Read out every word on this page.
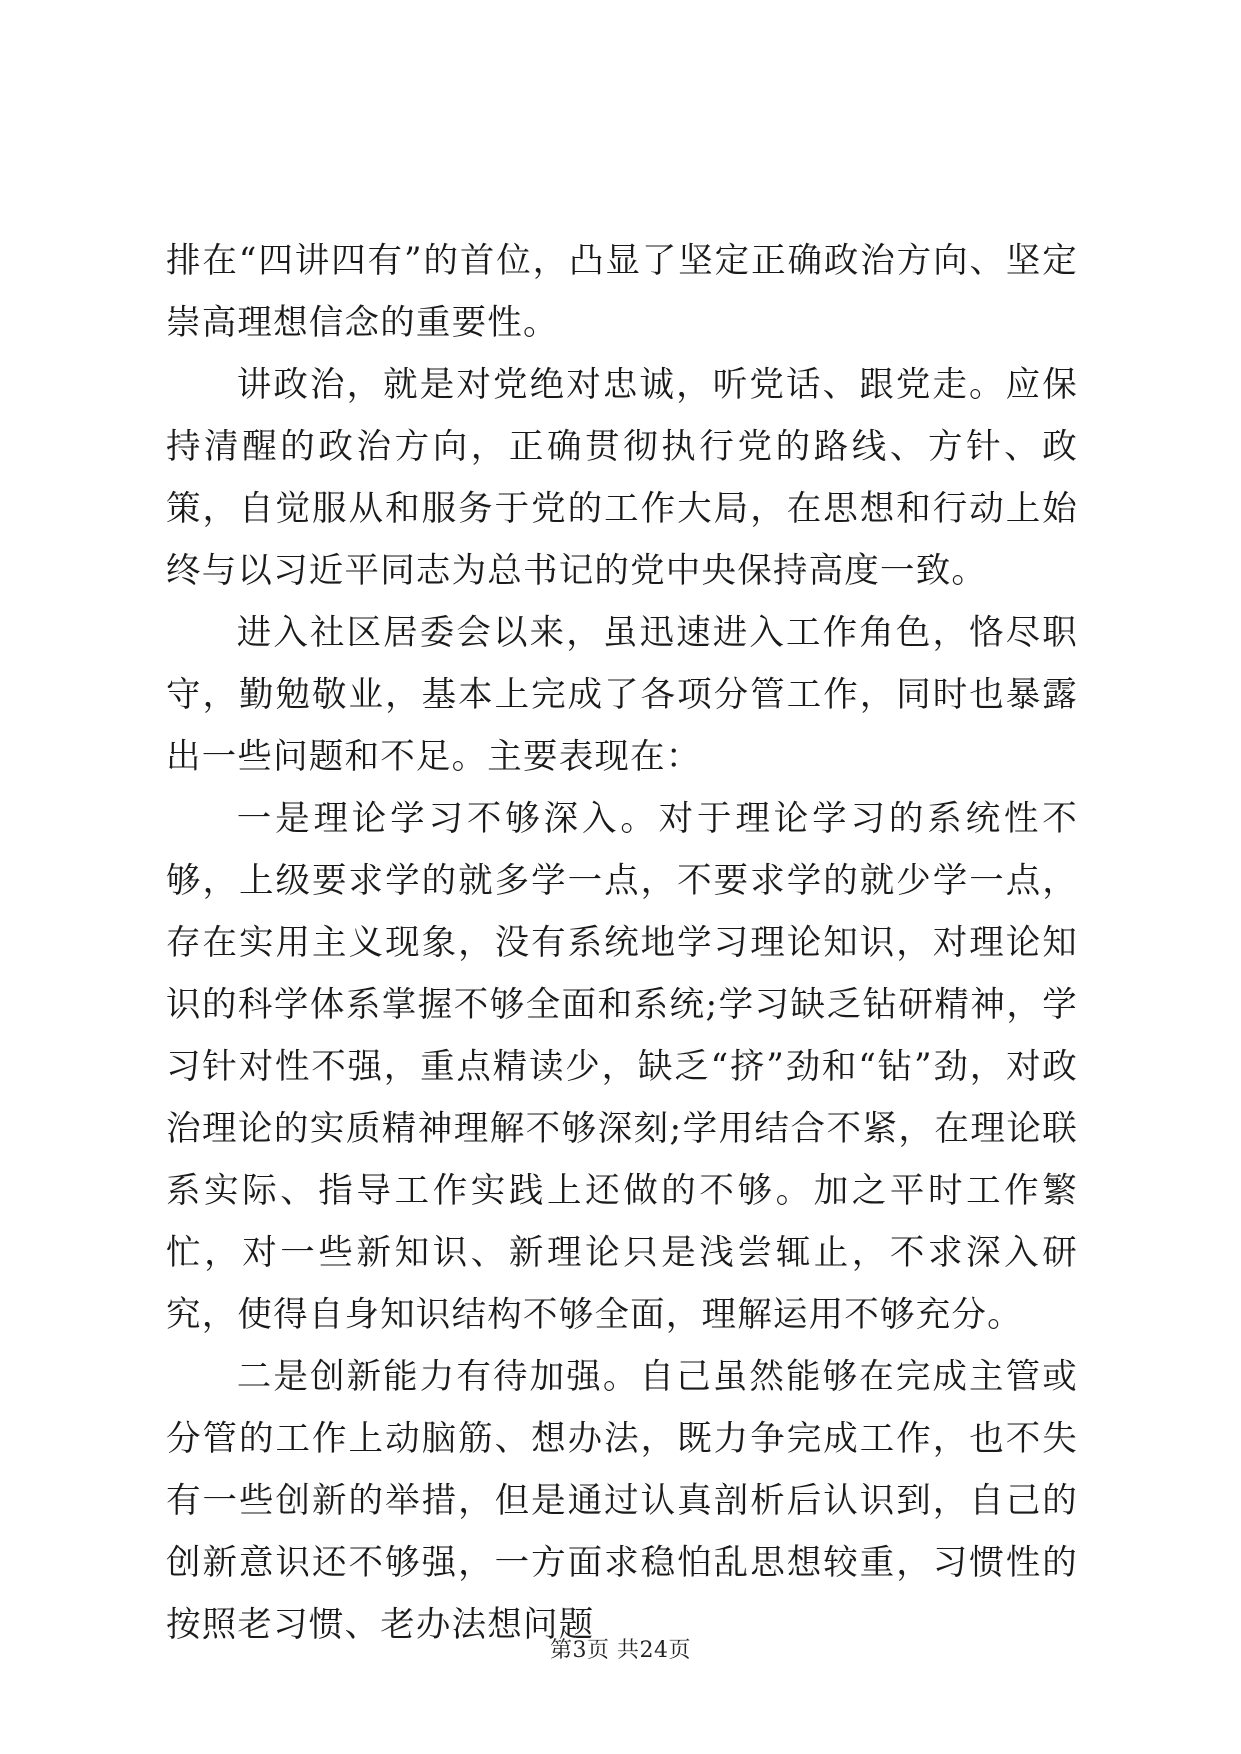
排在“四讲四有”的首位，凸显了坚定正确政治方向、坚定崇高理想信念的重要性。

讲政治，就是对党绝对忠诚，听党话、跟党走。应保持清醒的政治方向，正确贯彻执行党的路线、方针、政策，自觉服从和服务于党的工作大局，在思想和行动上始终与以习近平同志为总书记的党中央保持高度一致。

进入社区居委会以来，虽迅速进入工作角色，恪尽职守，勤勉敬业，基本上完成了各项分管工作，同时也暴露出一些问题和不足。主要表现在：

一是理论学习不够深入。对于理论学习的系统性不够，上级要求学的就多学一点，不要求学的就少学一点，存在实用主义现象，没有系统地学习理论知识，对理论知识的科学体系掌握不够全面和系统;学习缺乏钻研精神，学习针对性不强，重点精读少，缺乏“挤”劲和“钻”劲，对政治理论的实质精神理解不够深刻;学用结合不紧，在理论联系实际、指导工作实践上还做的不够。加之平时工作繁忙，对一些新知识、新理论只是浅尝辄止，不求深入研究，使得自身知识结构不够全面，理解运用不够充分。

二是创新能力有待加强。自己虽然能够在完成主管或分管的工作上动脑筋、想办法，既力争完成工作，也不失有一些创新的举措，但是通过认真剖析后认识到，自己的创新意识还不够强，一方面求稳怕乱思想较重，习惯性的按照老习惯、老办法想问题

第3页 共24页
